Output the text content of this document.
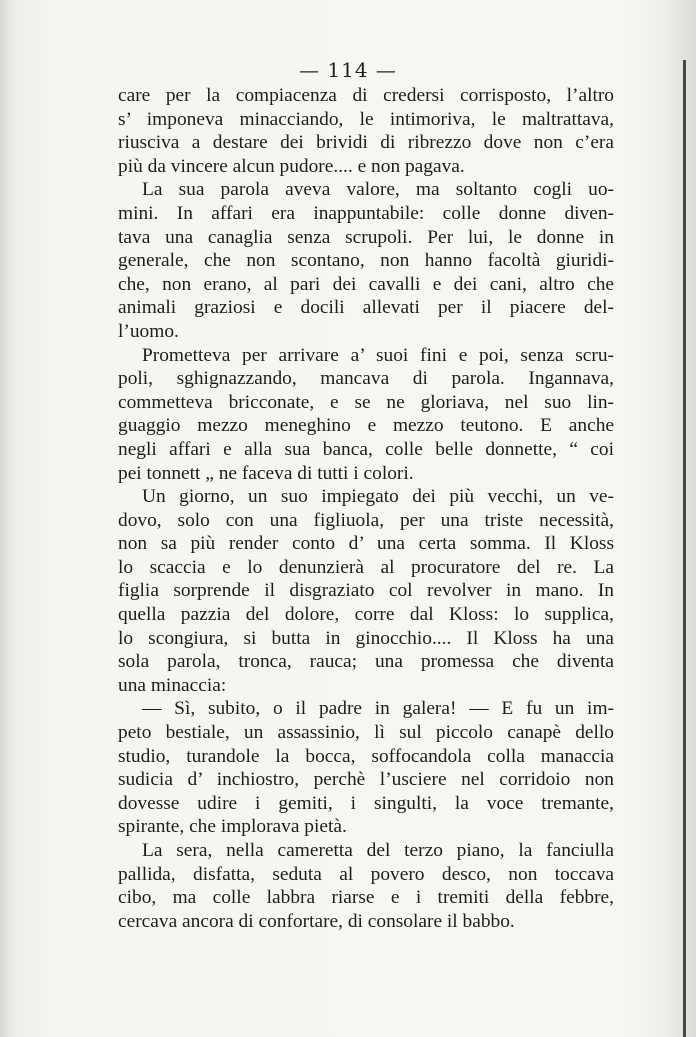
— 114 —
care per la compiacenza di credersi corrisposto, l’altro
s’ imponeva minacciando, le intimoriva, le maltrattava,
riusciva a destare dei brividi di ribrezzo dove non c’era
più da vincere alcun pudore.... e non pagava.
La sua parola aveva valore, ma soltanto cogli uo-
mini. In affari era inappuntabile: colle donne diven-
tava una canaglia senza scrupoli. Per lui, le donne in
generale, che non scontano, non hanno facoltà giuridi-
che, non erano, al pari dei cavalli e dei cani, altro che
animali graziosi e docili allevati per il piacere del-
l’uomo.
Prometteva per arrivare a’ suoi fini e poi, senza scru-
poli, sghignazzando, mancava di parola. Ingannava,
commetteva bricconate, e se ne gloriava, nel suo lin-
guaggio mezzo meneghino e mezzo teutono. E anche
negli affari e alla sua banca, colle belle donnette, “ coi
pei tonnett „ ne faceva di tutti i colori.
Un giorno, un suo impiegato dei più vecchi, un ve-
dovo, solo con una figliuola, per una triste necessità,
non sa più render conto d’ una certa somma. Il Kloss
lo scaccia e lo denunzierà al procuratore del re. La
figlia sorprende il disgraziato col revolver in mano. In
quella pazzia del dolore, corre dal Kloss: lo supplica,
lo scongiura, si butta in ginocchio.... Il Kloss ha una
sola parola, tronca, rauca; una promessa che diventa
una minaccia:
— Sì, subito, o il padre in galera! — E fu un im-
peto bestiale, un assassinio, lì sul piccolo canapè dello
studio, turandole la bocca, soffocandola colla manaccia
sudicia d’ inchiostro, perchè l’usciere nel corridoio non
dovesse udire i gemiti, i singulti, la voce tremante,
spirante, che implorava pietà.
La sera, nella cameretta del terzo piano, la fanciulla
pallida, disfatta, seduta al povero desco, non toccava
cibo, ma colle labbra riarse e i tremiti della febbre,
cercava ancora di confortare, di consolare il babbo.
